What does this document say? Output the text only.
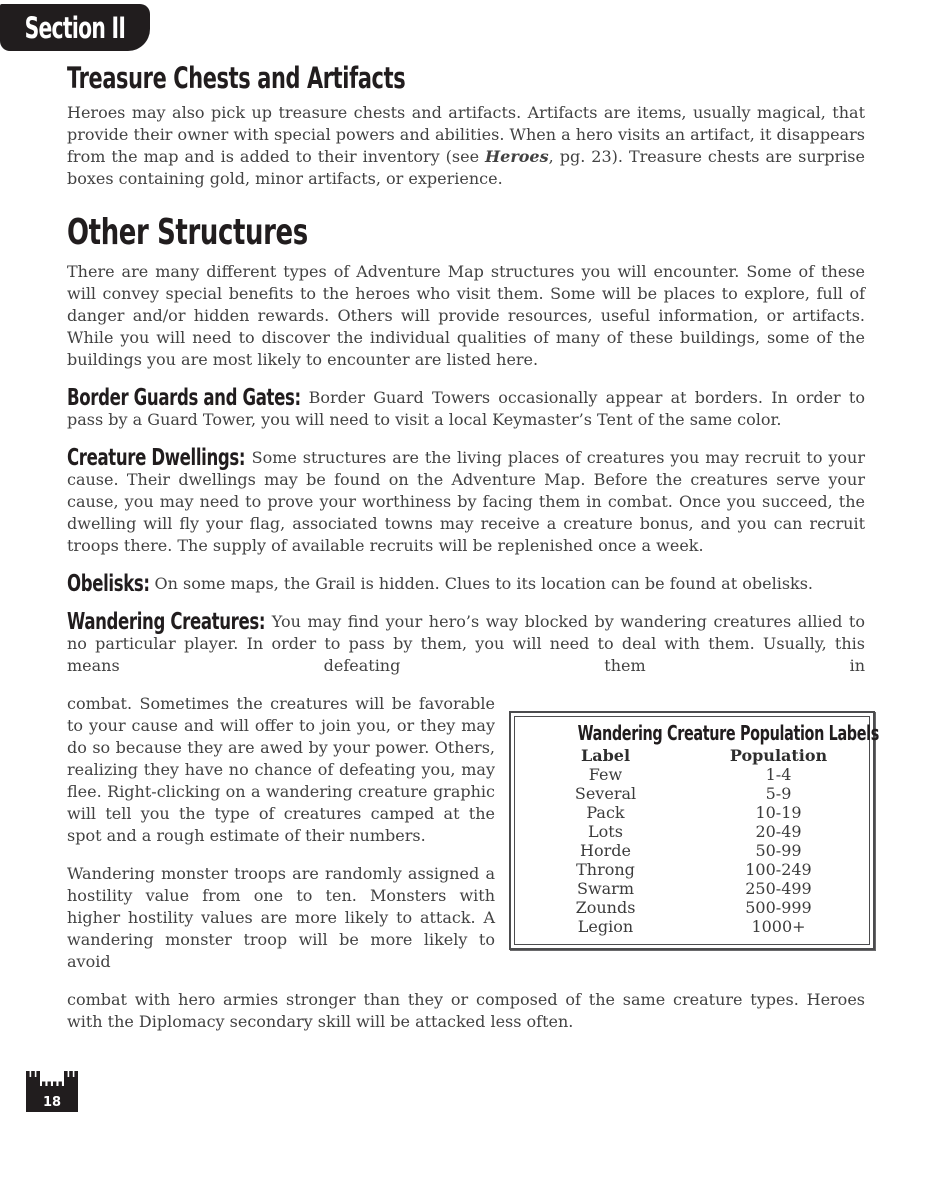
Section II
Treasure Chests and Artifacts

Heroes may also pick up treasure chests and artifacts. Artifacts are items, usually magical, that provide their owner with special powers and abilities. When a hero visits an artifact, it disappears from the map and is added to their inventory (see Heroes, pg. 23). Treasure chests are surprise boxes containing gold, minor artifacts, or experience.

Other Structures

There are many different types of Adventure Map structures you will encounter. Some of these will convey special benefits to the heroes who visit them. Some will be places to explore, full of danger and/or hidden rewards. Others will provide resources, useful information, or artifacts. While you will need to discover the individual qualities of many of these buildings, some of the buildings you are most likely to encounter are listed here.

Border Guards and Gates: Border Guard Towers occasionally appear at borders. In order to pass by a Guard Tower, you will need to visit a local Keymaster’s Tent of the same color.

Creature Dwellings: Some structures are the living places of creatures you may recruit to your cause. Their dwellings may be found on the Adventure Map. Before the creatures serve your cause, you may need to prove your worthiness by facing them in combat. Once you succeed, the dwelling will fly your flag, associated towns may receive a creature bonus, and you can recruit troops there. The supply of available recruits will be replenished once a week.

Obelisks: On some maps, the Grail is hidden. Clues to its location can be found at obelisks.

Wandering Creatures: You may find your hero’s way blocked by wandering creatures allied to no particular player. In order to pass by them, you will need to deal with them. Usually, this means defeating them in

Wandering Creature Population Labels
Label	Population
Few	1-4
Several	5-9
Pack	10-19
Lots	20-49
Horde	50-99
Throng	100-249
Swarm	250-499
Zounds	500-999
Legion	1000+

combat. Sometimes the creatures will be favorable to your cause and will offer to join you, or they may do so because they are awed by your power. Others, realizing they have no chance of defeating you, may flee. Right-clicking on a wandering creature graphic will tell you the type of creatures camped at the spot and a rough estimate of their numbers.

Wandering monster troops are randomly assigned a hostility value from one to ten. Monsters with higher hostility values are more likely to attack. A wandering monster troop will be more likely to avoid

combat with hero armies stronger than they or composed of the same creature types. Heroes with the Diplomacy secondary skill will be attacked less often.

18
